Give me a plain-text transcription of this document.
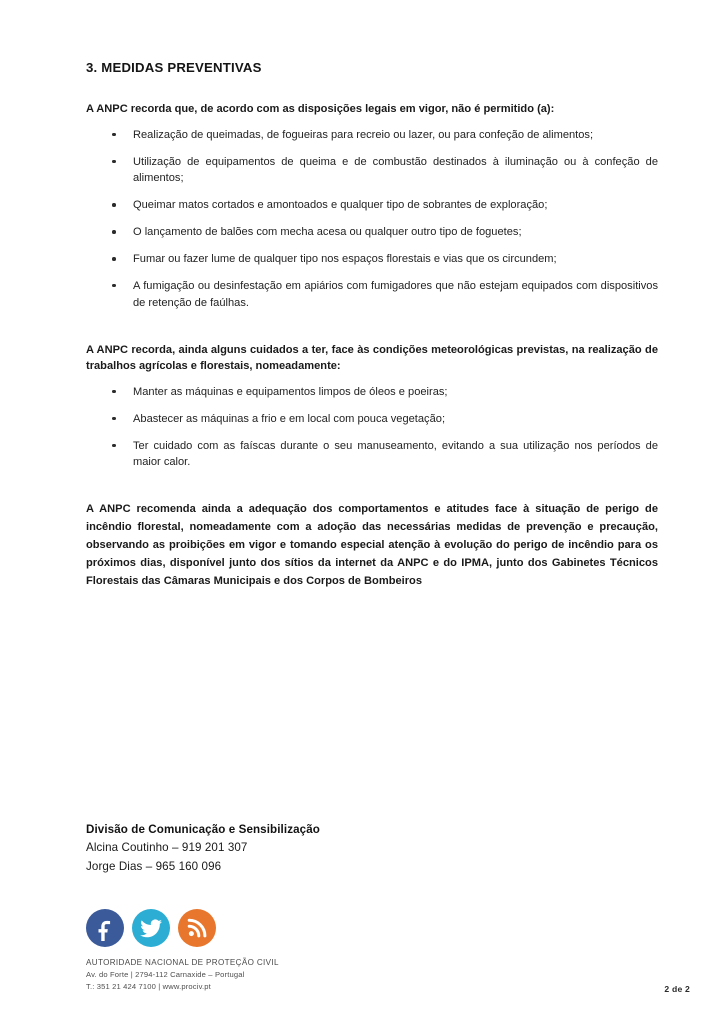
3. MEDIDAS PREVENTIVAS

A ANPC recorda que, de acordo com as disposições legais em vigor, não é permitido (a):

Realização de queimadas, de fogueiras para recreio ou lazer, ou para confeção de alimentos;
Utilização de equipamentos de queima e de combustão destinados à iluminação ou à confeção de alimentos;
Queimar matos cortados e amontoados e qualquer tipo de sobrantes de exploração;
O lançamento de balões com mecha acesa ou qualquer outro tipo de foguetes;
Fumar ou fazer lume de qualquer tipo nos espaços florestais e vias que os circundem;
A fumigação ou desinfestação em apiários com fumigadores que não estejam equipados com dispositivos de retenção de faúlhas.

A ANPC recorda, ainda alguns cuidados a ter, face às condições meteorológicas previstas, na realização de trabalhos agrícolas e florestais, nomeadamente:

Manter as máquinas e equipamentos limpos de óleos e poeiras;
Abastecer as máquinas a frio e em local com pouca vegetação;
Ter cuidado com as faíscas durante o seu manuseamento, evitando a sua utilização nos períodos de maior calor.

A ANPC recomenda ainda a adequação dos comportamentos e atitudes face à situação de perigo de incêndio florestal, nomeadamente com a adoção das necessárias medidas de prevenção e precaução, observando as proibições em vigor e tomando especial atenção à evolução do perigo de incêndio para os próximos dias, disponível junto dos sítios da internet da ANPC e do IPMA, junto dos Gabinetes Técnicos Florestais das Câmaras Municipais e dos Corpos de Bombeiros

Divisão de Comunicação e Sensibilização
Alcina Coutinho – 919 201 307
Jorge Dias – 965 160 096
AUTORIDADE NACIONAL DE PROTEÇÃO CIVIL
Av. do Forte | 2794-112 Carnaxide – Portugal
T.: 351 21 424 7100 | www.prociv.pt	2 de 2
